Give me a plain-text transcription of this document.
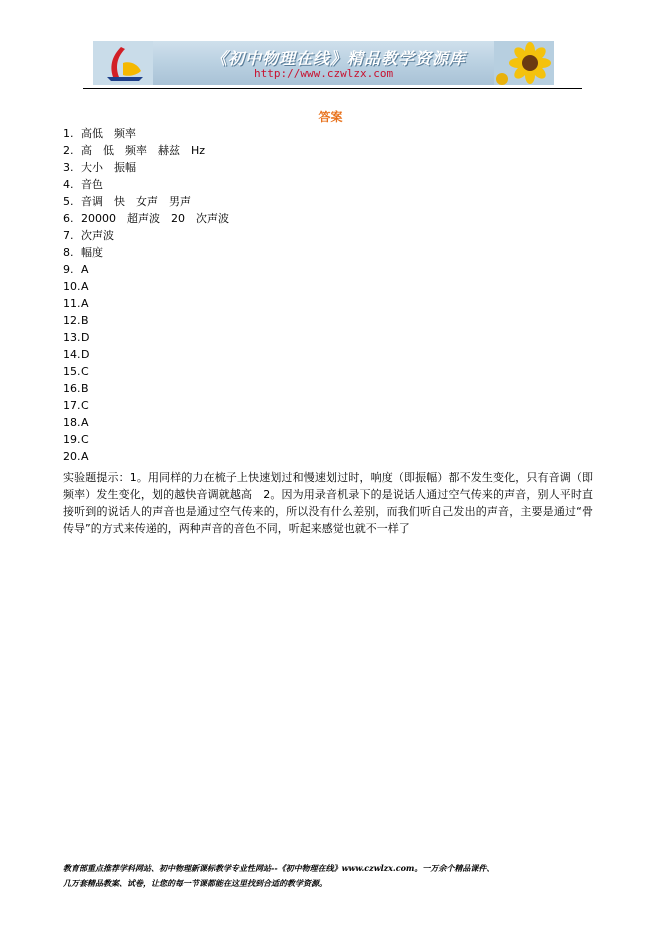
《初中物理在线》精品教学资源库
http://www.czwlzx.com
答案
1. 高低　频率
2. 高　低　频率　赫兹　Hz
3. 大小　振幅
4. 音色
5. 音调　快　女声　男声
6. 20000　超声波　20　次声波
7. 次声波
8. 幅度
9. A
10.A
11.A
12.B
13.D
14.D
15.C
16.B
17.C
18.A
19.C
20.A

实验题提示：1。用同样的力在梳子上快速划过和慢速划过时，响度（即振幅）都不发生变化，只有音调（即频率）发生变化，划的越快音调就越高　2。因为用录音机录下的是说话人通过空气传来的声音，别人平时直接听到的说话人的声音也是通过空气传来的，所以没有什么差别，而我们听自己发出的声音，主要是通过“骨传导”的方式来传递的，两种声音的音色不同，听起来感觉也就不一样了

教育部重点推荐学科网站、初中物理新课标教学专业性网站--《初中物理在线》www.czwlzx.com。一万余个精品课件、

几万套精品教案、试卷，让您的每一节课都能在这里找到合适的教学资源。
